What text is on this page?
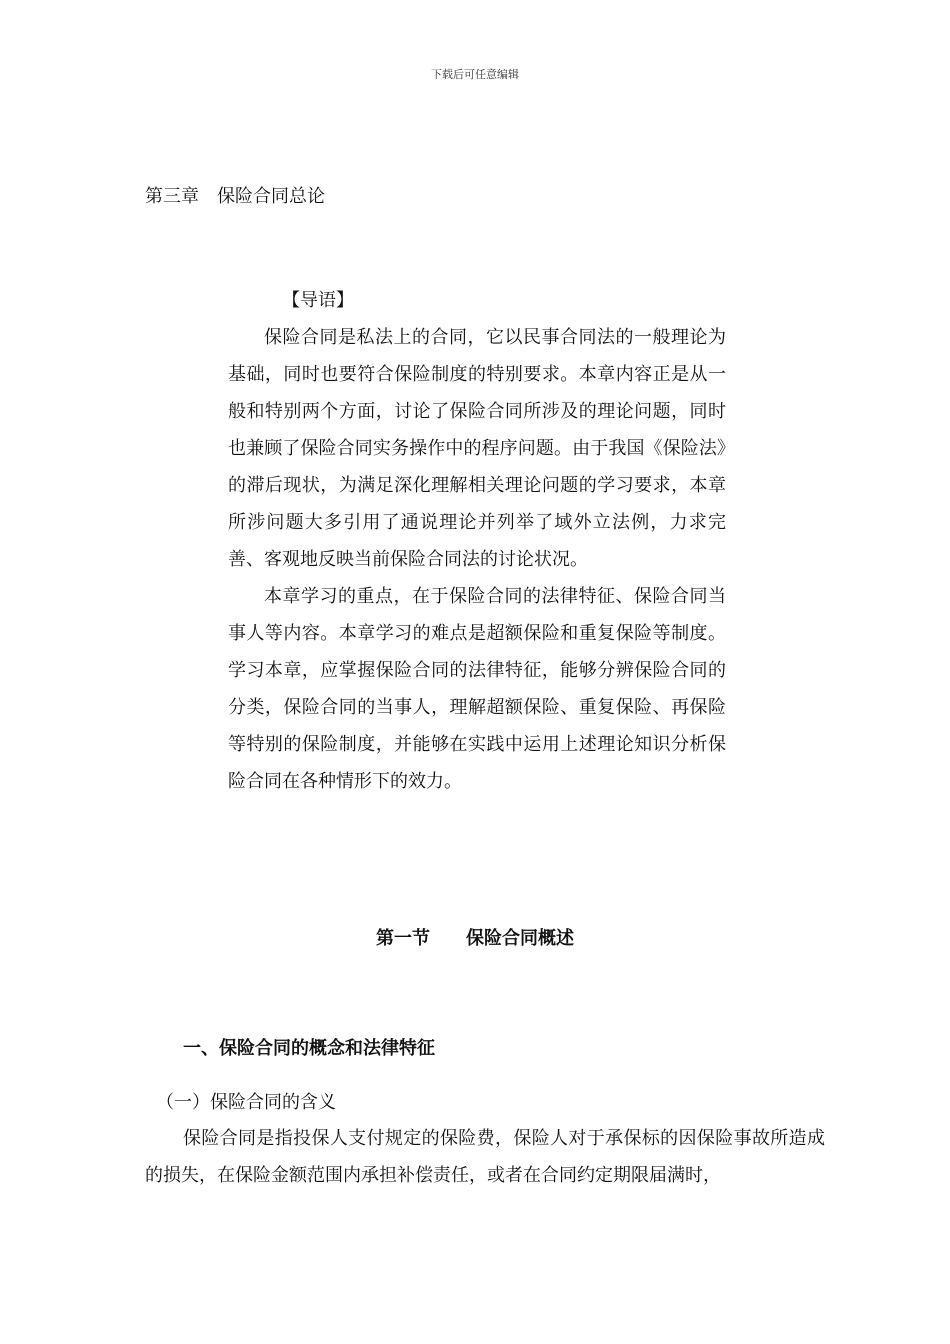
下载后可任意编辑
第三章　保险合同总论

【导语】

保险合同是私法上的合同，它以民事合同法的一般理论为基础，同时也要符合保险制度的特别要求。本章内容正是从一般和特别两个方面，讨论了保险合同所涉及的理论问题，同时也兼顾了保险合同实务操作中的程序问题。由于我国《保险法》的滞后现状，为满足深化理解相关理论问题的学习要求，本章所涉问题大多引用了通说理论并列举了域外立法例，力求完善、客观地反映当前保险合同法的讨论状况。

本章学习的重点，在于保险合同的法律特征、保险合同当事人等内容。本章学习的难点是超额保险和重复保险等制度。学习本章，应掌握保险合同的法律特征，能够分辨保险合同的分类，保险合同的当事人，理解超额保险、重复保险、再保险等特别的保险制度，并能够在实践中运用上述理论知识分析保险合同在各种情形下的效力。

第一节　　保险合同概述
一、保险合同的概念和法律特征
（一）保险合同的含义

保险合同是指投保人支付规定的保险费，保险人对于承保标的因保险事故所造成的损失，在保险金额范围内承担补偿责任，或者在合同约定期限届满时，
